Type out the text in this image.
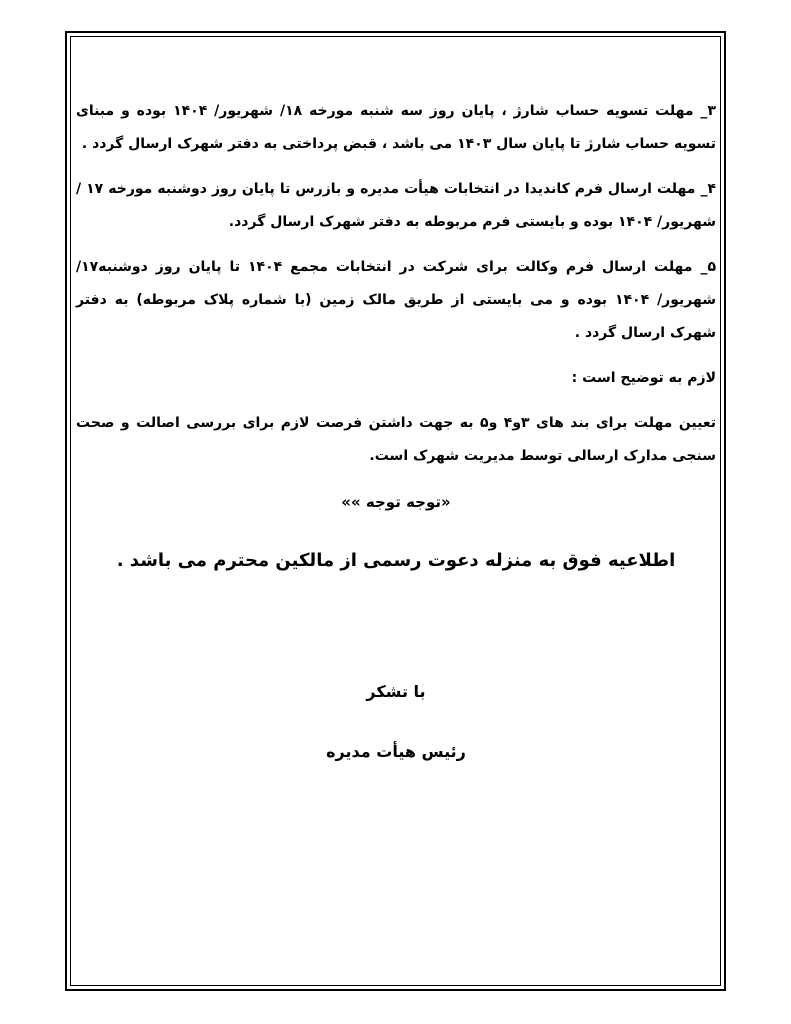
۳_ مهلت تسویه حساب شارژ ، پایان روز سه شنبه مورخه ۱۸/ شهریور/ ۱۴۰۴ بوده و مبنای تسویه حساب شارژ تا پایان سال ۱۴۰۳ می باشد ، قبض پرداختی به دفتر شهرک ارسال گردد .

۴_ مهلت ارسال فرم کاندیدا در انتخابات هیأت مدیره و بازرس تا پایان روز دوشنبه مورخه ۱۷ /شهریور/ ۱۴۰۴ بوده و بایستی فرم مربوطه به دفتر شهرک ارسال گردد.

۵_ مهلت ارسال فرم وکالت برای شرکت در انتخابات مجمع ۱۴۰۴ تا پایان روز دوشنبه۱۷/شهریور/ ۱۴۰۴ بوده و می بایستی از طریق مالک زمین (با شماره پلاک مربوطه) به دفتر شهرک ارسال گردد .

لازم به توضیح است :

تعیین مهلت برای بند های ۳و۴ و۵ به جهت داشتن فرصت لازم برای بررسی اصالت و صحت سنجی مدارک ارسالی توسط مدیریت شهرک است.

«توجه توجه »»
اطلاعیه فوق به منزله دعوت رسمی از مالکین محترم می باشد .
با تشکر
رئیس هیأت مدیره
